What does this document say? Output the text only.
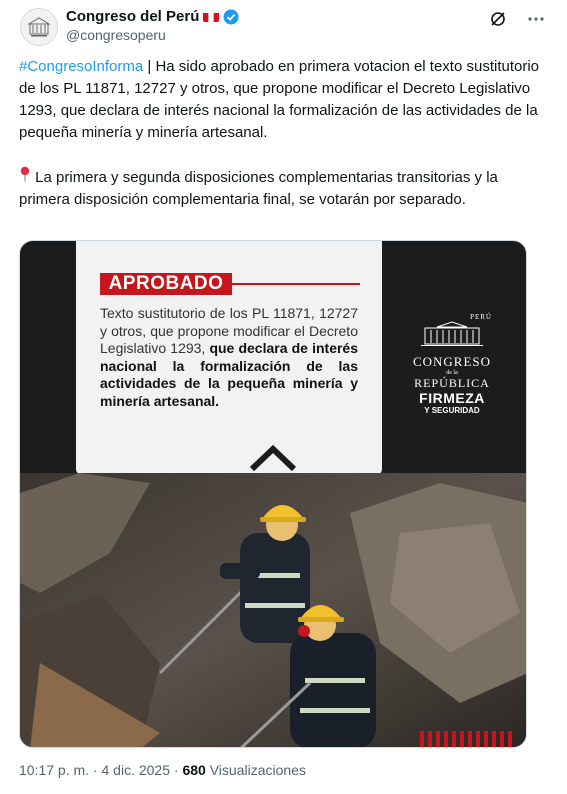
Congreso del Perú
@congresoperu

#CongresoInforma | Ha sido aprobado en primera votacion el texto sustitutorio de los PL 11871, 12727 y otros, que propone modificar el Decreto Legislativo 1293, que declara de interés nacional la formalización de las actividades de la pequeña minería y minería artesanal.

La primera y segunda disposiciones complementarias transitorias y la primera disposición complementaria final, se votarán por separado.

APROBADO
Texto sustitutorio de los PL 11871, 12727 y otros, que propone modificar el Decreto Legislativo 1293, que declara de interés nacional la formalización de las actividades de la pequeña minería y minería artesanal.
PERÚ
CONGRESO
de la
REPÚBLICA
FIRMEZA
Y SEGURIDAD
10:17 p. m. · 4 dic. 2025 · 680 Visualizaciones
